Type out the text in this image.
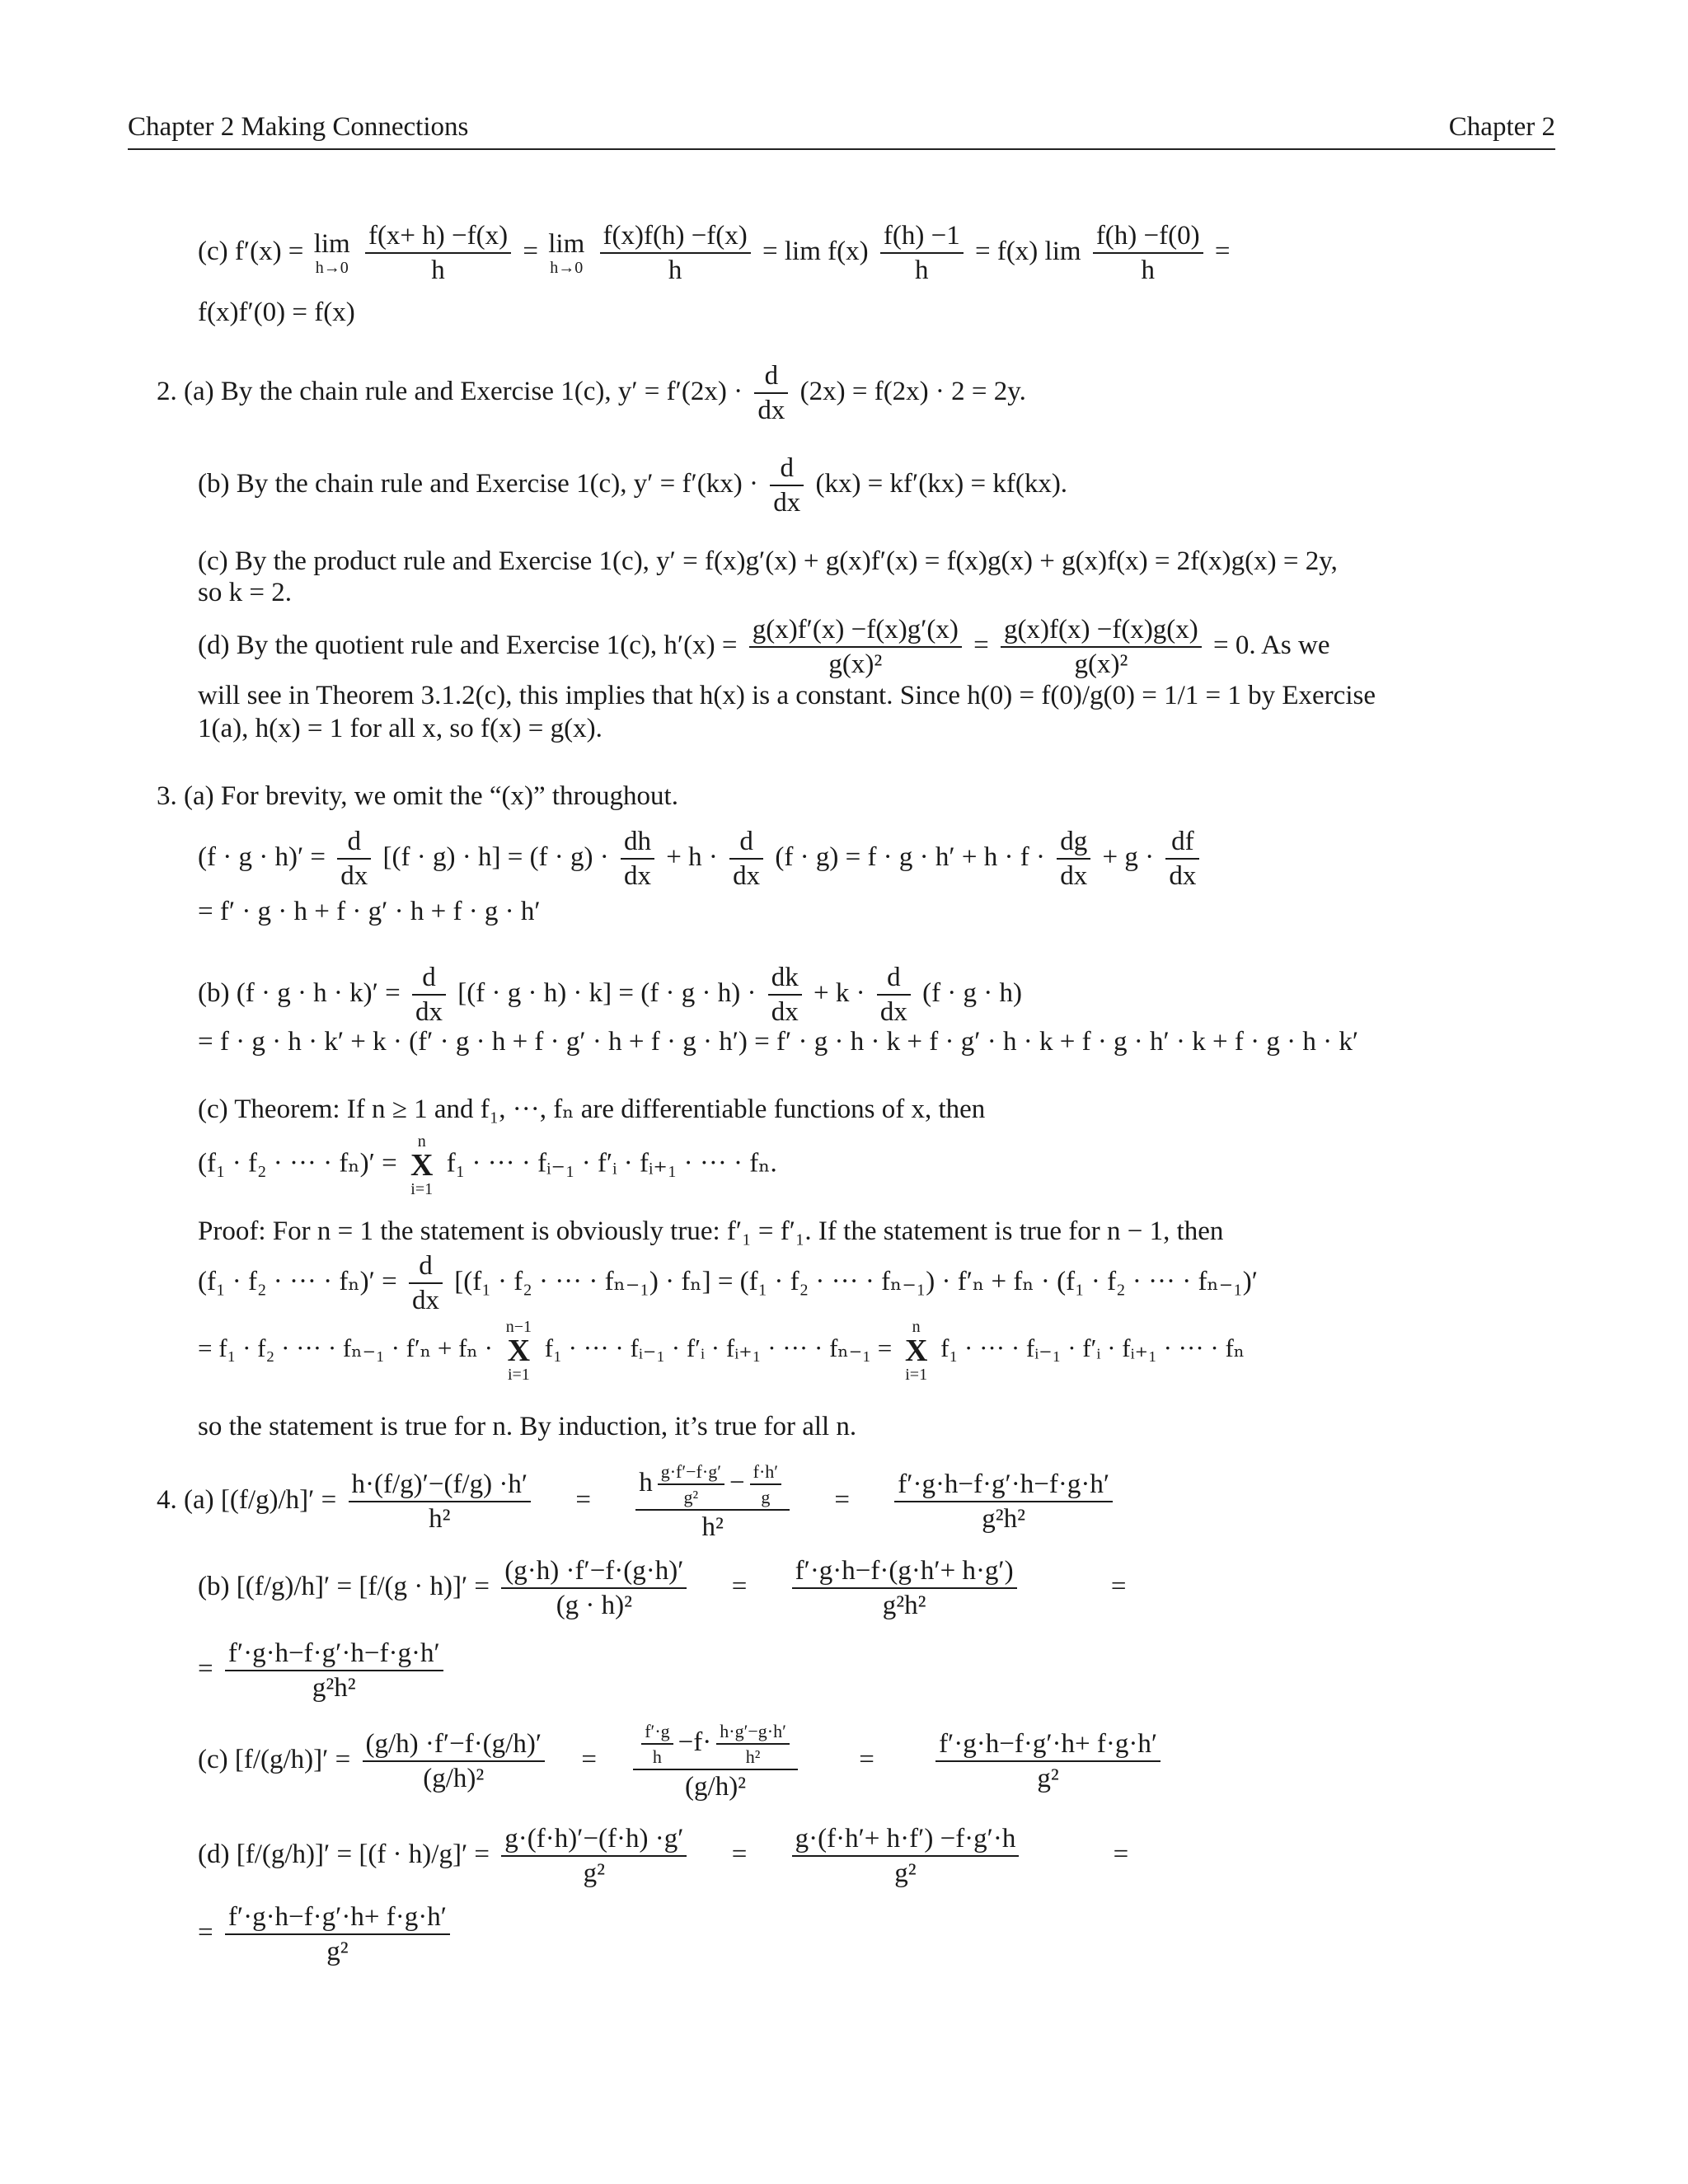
Chapter 2 Making Connections	Chapter 2
(c) f′(x) = lim
h→0
$\frac{f(x+ h) -f(x)}{h} = \lim$
h→0
$\frac{f(x)f(h) -f(x)}{h} = \lim f(x) \frac{f(h) -1}{h} = f(x)$ $\lim \frac{f(h) -f(0)}{h}$ =
f(x)f′(0) = f(x)
2. (a) By the chain rule and Exercise 1(c), $y' = f'(2x) \cdot \frac{d}{dx} (2x) = f(2x) \cdot 2 = 2y$.
(b) By the chain rule and Exercise 1(c), $y' = f'(kx) \cdot \frac{d}{dx} (kx) = kf'(kx) = kf(kx)$.
(c) By the product rule and Exercise 1(c), y′ = f(x)g′(x) + g(x)f′(x) = f(x)g(x) + g(x)f(x) = 2f(x)g(x) = 2y,
so k = 2.
(d) By the quotient rule and Exercise 1(c), $h'(x) = \frac{g(x)f'(x) -f(x)g'(x)}{\text{g(x)²}} = \frac{g(x)f(x) -f(x)g(x)}{\text{g(x)²}} = 0$. As we
will see in Theorem 3.1.2(c), this implies that h(x) is a constant. Since h(0) = f(0)/g(0) = 1/1 = 1 by Exercise
1(a), h(x) = 1 for all x, so f(x) = g(x).
3. (a) For brevity, we omit the “(x)” throughout.
$(f \cdot g \cdot h)' = \frac{d}{dx} [(f \cdot g) \cdot h] = (f \cdot g) \cdot \frac{dh}{dx} + h \cdot \frac{d}{dx} (f \cdot g) = f \cdot g \cdot h' + h \cdot f \cdot \frac{dg}{dx} + g \cdot \frac{df}{dx}$
= f′ · g · h + f · g′ · h + f · g · h′
(b) $(f \cdot g \cdot h \cdot k)' = \frac{d}{dx} [(f \cdot g \cdot h) \cdot k] = (f \cdot g \cdot h) \cdot \frac{dk}{dx} + k \cdot \frac{d}{dx} (f \cdot g \cdot h)$
= f · g · h · k′ + k · (f′ · g · h + f · g′ · h + f · g · h′) = f′ · g · h · k + f · g′ · h · k + f · g · h′ · k + f · g · h · k′
(c) Theorem: If n ≥ 1 and f₁, ···, fₙ are differentiable functions of x, then
(f₁ · f₂ · ··· · fₙ)′ =
n
X
i=1
f₁ · ··· · fᵢ₋₁ · f′ᵢ · fᵢ₊₁ · ··· · fₙ.
Proof: For n = 1 the statement is obviously true: f′₁ = f′₁. If the statement is true for n − 1, then
(f₁ · f₂ · ··· · $f_n)' = \frac{d}{dx} [(f_1 \cdot f_2$ · ··· · fₙ₋₁) · fₙ] = (f₁ · f₂ · ··· · fₙ₋₁) · f′ₙ + fₙ · (f₁ · f₂ · ··· · fₙ₋₁)′
= f₁ · f₂ · ··· · fₙ₋₁ · f′ₙ + fₙ ·
n−1
X
i=1
f₁ · ··· · fᵢ₋₁ · f′ᵢ · fᵢ₊₁ · ··· · fₙ₋₁ =
n
X
i=1
f₁ · ··· · fᵢ₋₁ · f′ᵢ · fᵢ₊₁ · ··· · fₙ
so the statement is true for n. By induction, it’s true for all n.
4. (a) $[(f/g)/h]' = \frac{h\cdot(f/g)'-(f/g) \cdot h'}{\text{h²}} = \frac{h \frac{g\cdot f'-f\cdot g'}{\text{g²}} - \frac{f\cdot h'}{g}}{\text{h²}} = \frac{f'\cdot g\cdot h-f\cdot g'\cdot h-f\cdot g\cdot h'}{\text{g²h²}}$
(b) $[(f/g)/h]' = [f/(g \cdot h)]' = \frac{(g\cdot h) \cdot f'-f\cdot(g\cdot h)'}{\text{(g · h)²}} = \frac{f'\cdot g\cdot h-f\cdot(g\cdot h'+ h\cdot g')}{\text{g²h²}}$	=
= $\frac{f'\cdot g\cdot h-f\cdot g'\cdot h-f\cdot g\cdot h'}{\text{g²h²}}$
(c) $[f/(g/h)]' = \frac{(g/h) \cdot f'-f\cdot(g/h)'}{\text{(g/h)²}} = \frac{\frac{f'\cdot g}{h} -f\cdot \frac{h\cdot g'-g\cdot h'}{\text{h²}}}{\text{(g/h)²}} = \frac{f'\cdot g\cdot h-f\cdot g'\cdot h+ f\cdot g\cdot h'}{\text{g²}}$
(d) $[f/(g/h)]' = [(f \cdot h)/g]' = \frac{g\cdot(f\cdot h)'-(f\cdot h) \cdot g'}{\text{g²}} = \frac{g\cdot(f\cdot h'+ h\cdot f') -f\cdot g'\cdot h}{\text{g²}}$	=
= $\frac{f'\cdot g\cdot h-f\cdot g'\cdot h+ f\cdot g\cdot h'}{\text{g²}}$
